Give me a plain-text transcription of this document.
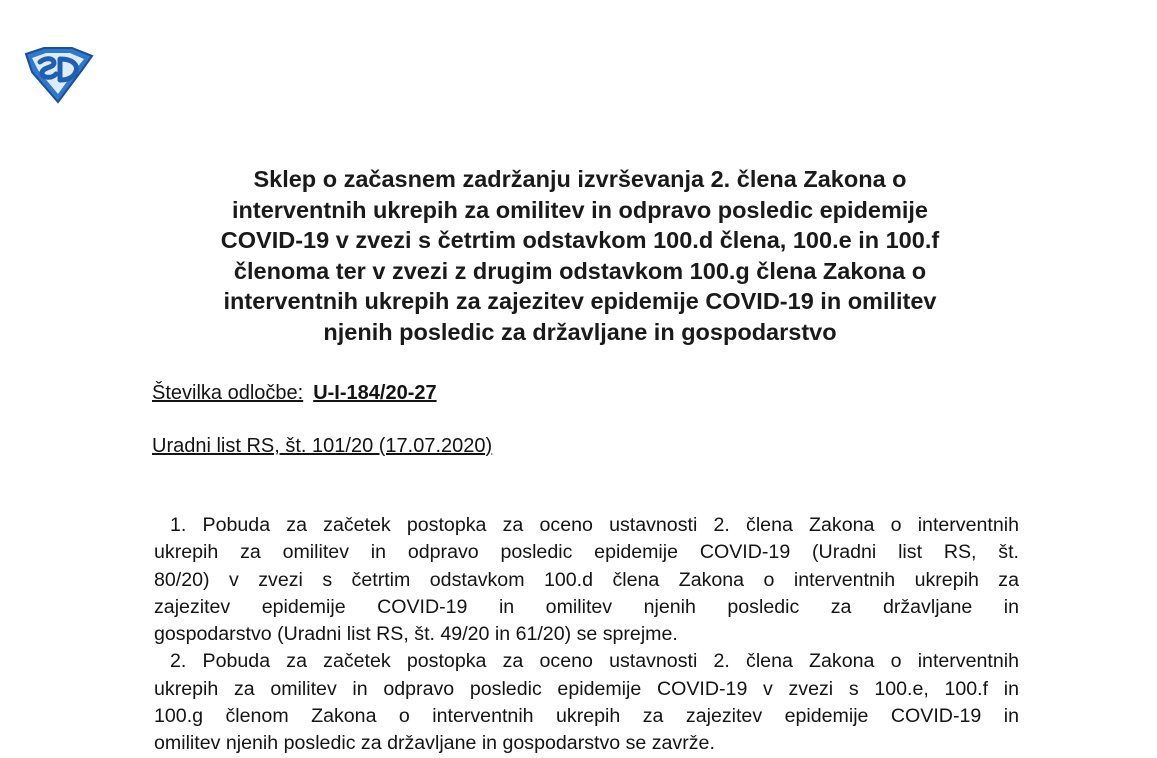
Sklep o začasnem zadržanju izvrševanja 2. člena Zakona o
interventnih ukrepih za omilitev in odpravo posledic epidemije
COVID-19 v zvezi s četrtim odstavkom 100.d člena, 100.e in 100.f
členoma ter v zvezi z drugim odstavkom 100.g člena Zakona o
interventnih ukrepih za zajezitev epidemije COVID-19 in omilitev
njenih posledic za državljane in gospodarstvo
Številka odločbe: U-I-184/20-27
Uradni list RS, št. 101/20 (17.07.2020)
1. Pobuda za začetek postopka za oceno ustavnosti 2. člena Zakona o interventnih
ukrepih za omilitev in odpravo posledic epidemije COVID-19 (Uradni list RS, št.
80/20) v zvezi s četrtim odstavkom 100.d člena Zakona o interventnih ukrepih za
zajezitev epidemije COVID-19 in omilitev njenih posledic za državljane in
gospodarstvo (Uradni list RS, št. 49/20 in 61/20) se sprejme.
2. Pobuda za začetek postopka za oceno ustavnosti 2. člena Zakona o interventnih
ukrepih za omilitev in odpravo posledic epidemije COVID-19 v zvezi s 100.e, 100.f in
100.g členom Zakona o interventnih ukrepih za zajezitev epidemije COVID-19 in
omilitev njenih posledic za državljane in gospodarstvo se zavrže.
